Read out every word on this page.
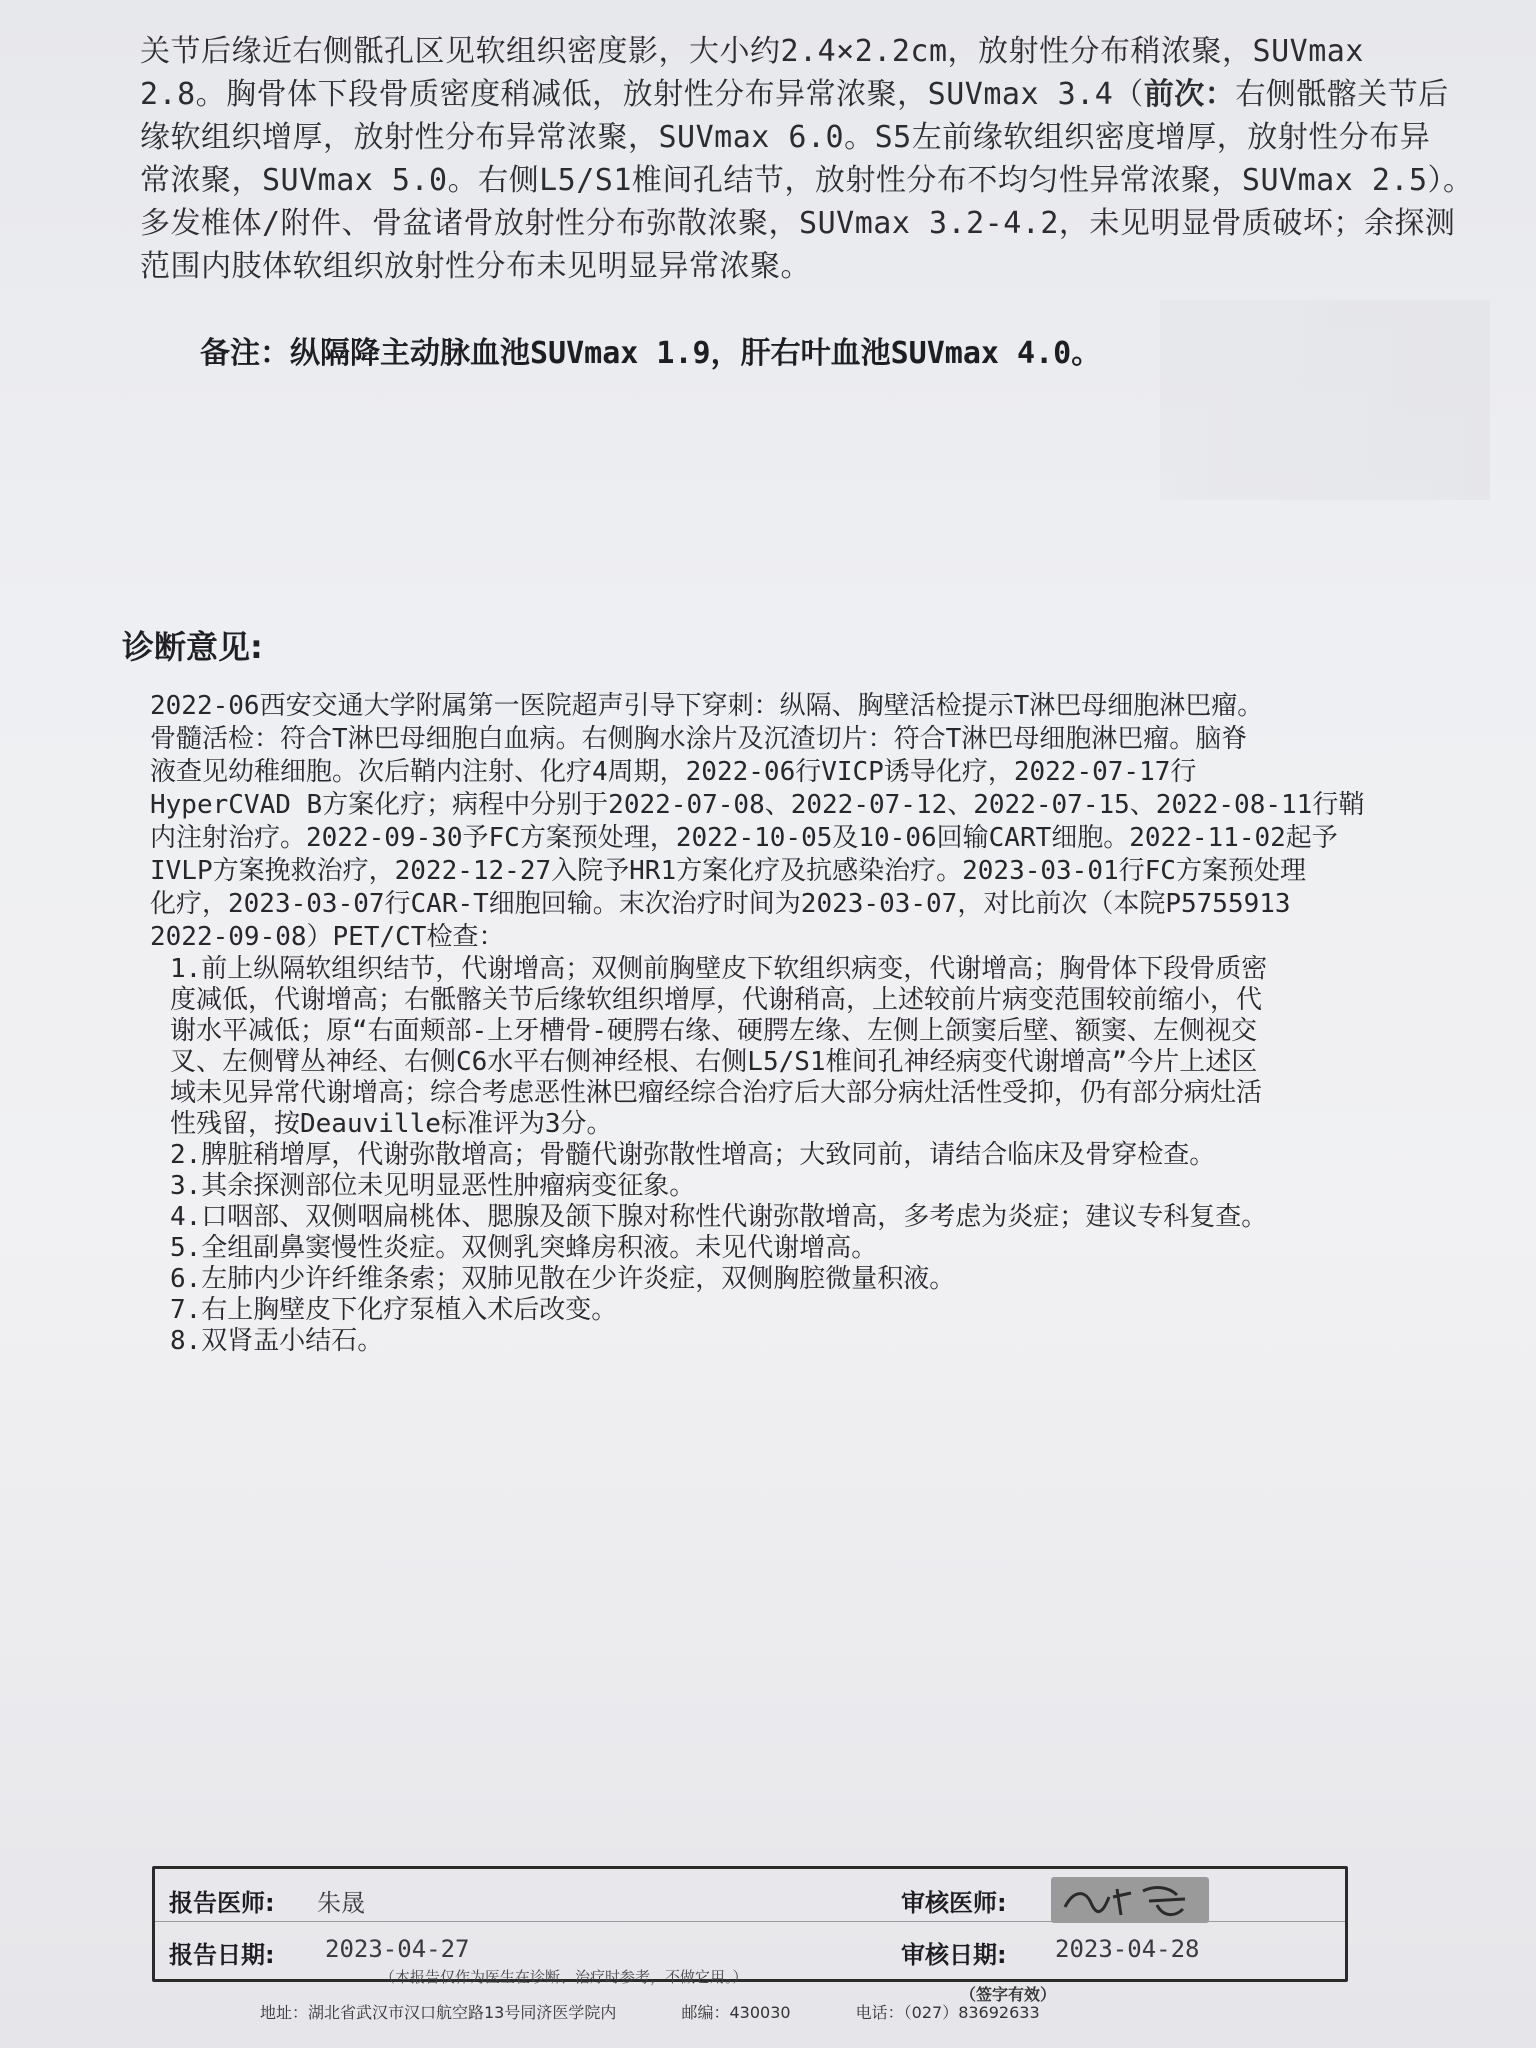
关节后缘近右侧骶孔区见软组织密度影，大小约2.4×2.2cm，放射性分布稍浓聚，SUVmax

2.8。胸骨体下段骨质密度稍减低，放射性分布异常浓聚，SUVmax 3.4（前次：右侧骶髂关节后

缘软组织增厚，放射性分布异常浓聚，SUVmax 6.0。S5左前缘软组织密度增厚，放射性分布异

常浓聚，SUVmax 5.0。右侧L5/S1椎间孔结节，放射性分布不均匀性异常浓聚，SUVmax 2.5）。

多发椎体/附件、骨盆诸骨放射性分布弥散浓聚，SUVmax 3.2-4.2，未见明显骨质破坏；余探测

范围内肢体软组织放射性分布未见明显异常浓聚。

备注：纵隔降主动脉血池SUVmax 1.9，肝右叶血池SUVmax 4.0。
诊断意见:

2022-06西安交通大学附属第一医院超声引导下穿刺：纵隔、胸壁活检提示T淋巴母细胞淋巴瘤。

骨髓活检：符合T淋巴母细胞白血病。右侧胸水涂片及沉渣切片：符合T淋巴母细胞淋巴瘤。脑脊

液查见幼稚细胞。次后鞘内注射、化疗4周期，2022-06行VICP诱导化疗，2022-07-17行

HyperCVAD B方案化疗；病程中分别于2022-07-08、2022-07-12、2022-07-15、2022-08-11行鞘

内注射治疗。2022-09-30予FC方案预处理，2022-10-05及10-06回输CART细胞。2022-11-02起予

IVLP方案挽救治疗，2022-12-27入院予HR1方案化疗及抗感染治疗。2023-03-01行FC方案预处理

化疗，2023-03-07行CAR-T细胞回输。末次治疗时间为2023-03-07，对比前次（本院P5755913

2022-09-08）PET/CT检查：

1.前上纵隔软组织结节，代谢增高；双侧前胸壁皮下软组织病变，代谢增高；胸骨体下段骨质密
度减低，代谢增高；右骶髂关节后缘软组织增厚，代谢稍高，上述较前片病变范围较前缩小，代
谢水平减低；原“右面颊部-上牙槽骨-硬腭右缘、硬腭左缘、左侧上颌窦后壁、额窦、左侧视交
叉、左侧臂丛神经、右侧C6水平右侧神经根、右侧L5/S1椎间孔神经病变代谢增高”今片上述区
域未见异常代谢增高；综合考虑恶性淋巴瘤经综合治疗后大部分病灶活性受抑，仍有部分病灶活
性残留，按Deauville标准评为3分。
2.脾脏稍增厚，代谢弥散增高；骨髓代谢弥散性增高；大致同前，请结合临床及骨穿检查。
3.其余探测部位未见明显恶性肿瘤病变征象。
4.口咽部、双侧咽扁桃体、腮腺及颌下腺对称性代谢弥散增高，多考虑为炎症；建议专科复查。
5.全组副鼻窦慢性炎症。双侧乳突蜂房积液。未见代谢增高。
6.左肺内少许纤维条索；双肺见散在少许炎症，双侧胸腔微量积液。
7.右上胸壁皮下化疗泵植入术后改变。
8.双肾盂小结石。
报告医师: 朱晟	审核医师:
报告日期: 2023-04-27	审核日期: 2023-04-28
（本报告仅作为医生在诊断、治疗时参考，不做它用。）
（签字有效）
地址：湖北省武汉市汉口航空路13号同济医学院内	邮编：430030	电话：（027）83692633
